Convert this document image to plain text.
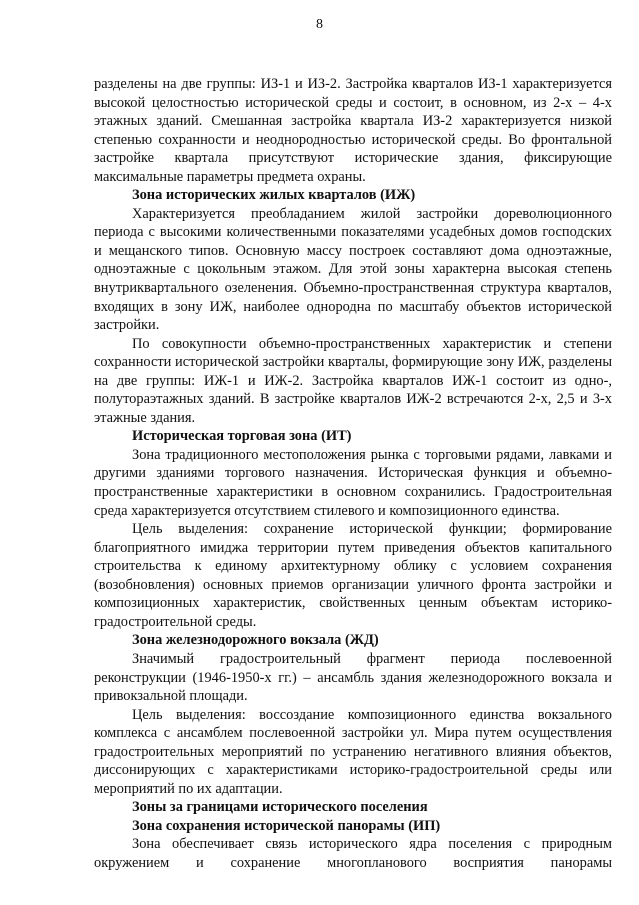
8

разделены на две группы: ИЗ-1 и ИЗ-2. Застройка кварталов ИЗ-1 характеризуется высокой целостностью исторической среды и состоит, в основном, из 2-х – 4-х этажных зданий. Смешанная застройка квартала ИЗ-2 характеризуется низкой степенью сохранности и неоднородностью исторической среды. Во фронтальной застройке квартала присутствуют исторические здания, фиксирующие максимальные параметры предмета охраны.

Зона исторических жилых кварталов (ИЖ)

Характеризуется преобладанием жилой застройки дореволюционного периода с высокими количественными показателями усадебных домов господских и мещанского типов. Основную массу построек составляют дома одноэтажные, одноэтажные с цокольным этажом. Для этой зоны характерна высокая степень внутриквартального озеленения. Объемно-пространственная структура кварталов, входящих в зону ИЖ, наиболее однородна по масштабу объектов исторической застройки.

По совокупности объемно-пространственных характеристик и степени сохранности исторической застройки кварталы, формирующие зону ИЖ, разделены на две группы: ИЖ-1 и ИЖ-2. Застройка кварталов ИЖ-1 состоит из одно-, полутораэтажных зданий. В застройке кварталов ИЖ-2 встречаются 2-х, 2,5 и 3-х этажные здания.

Историческая торговая зона (ИТ)

Зона традиционного местоположения рынка с торговыми рядами, лавками и другими зданиями торгового назначения. Историческая функция и объемно-пространственные характеристики в основном сохранились. Градостроительная среда характеризуется отсутствием стилевого и композиционного единства.

Цель выделения: сохранение исторической функции; формирование благоприятного имиджа территории путем приведения объектов капитального строительства к единому архитектурному облику с условием сохранения (возобновления) основных приемов организации уличного фронта застройки и композиционных характеристик, свойственных ценным объектам историко-градостроительной среды.

Зона железнодорожного вокзала (ЖД)

Значимый градостроительный фрагмент периода послевоенной реконструкции (1946-1950-х гг.) – ансамбль здания железнодорожного вокзала и привокзальной площади.

Цель выделения: воссоздание композиционного единства вокзального комплекса с ансамблем послевоенной застройки ул. Мира путем осуществления градостроительных мероприятий по устранению негативного влияния объектов, диссонирующих с характеристиками историко-градостроительной среды или мероприятий по их адаптации.

Зоны за границами исторического поселения
Зона сохранения исторической панорамы (ИП)

Зона обеспечивает связь исторического ядра поселения с природным окружением и сохранение многопланового восприятия панорамы
